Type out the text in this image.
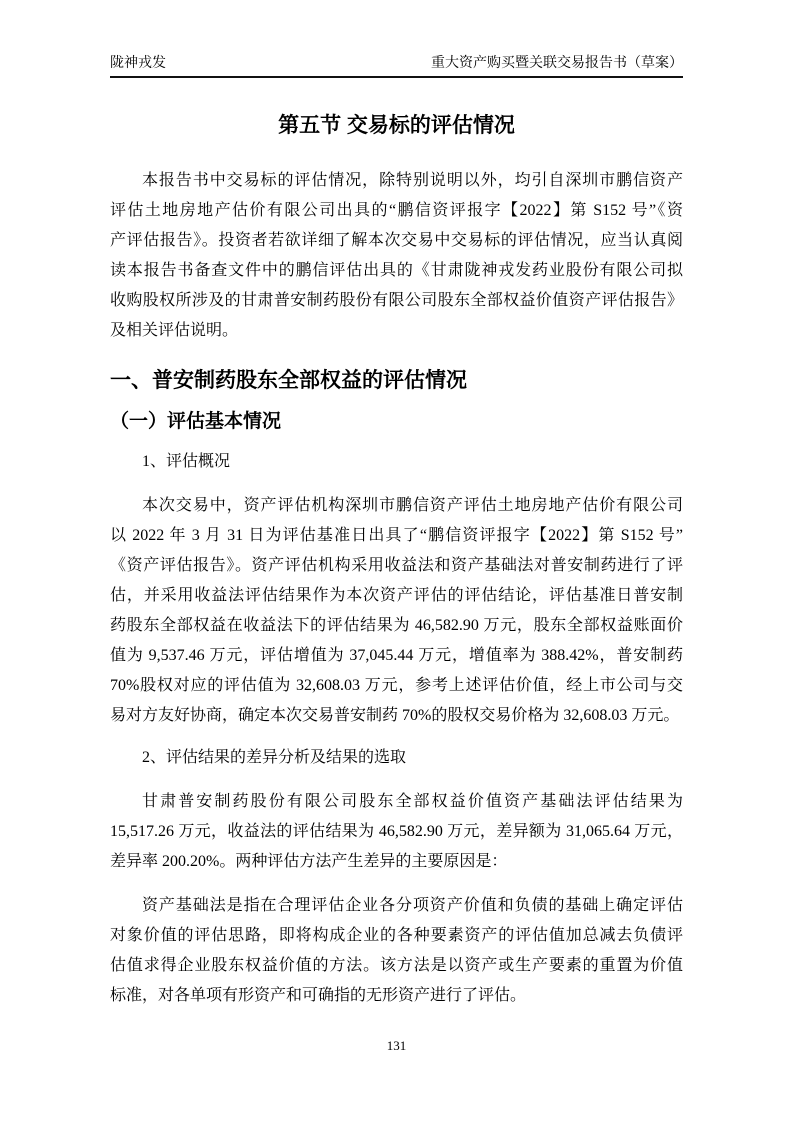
陇神戎发	重大资产购买暨关联交易报告书（草案）
第五节 交易标的评估情况
本报告书中交易标的评估情况，除特别说明以外，均引自深圳市鹏信资产
评估土地房地产估价有限公司出具的“鹏信资评报字【2022】第 S152 号”《资
产评估报告》。投资者若欲详细了解本次交易中交易标的评估情况，应当认真阅
读本报告书备查文件中的鹏信评估出具的《甘肃陇神戎发药业股份有限公司拟
收购股权所涉及的甘肃普安制药股份有限公司股东全部权益价值资产评估报告》
及相关评估说明。
一、普安制药股东全部权益的评估情况
（一）评估基本情况
1、评估概况
本次交易中，资产评估机构深圳市鹏信资产评估土地房地产估价有限公司
以 2022 年 3 月 31 日为评估基准日出具了“鹏信资评报字【2022】第 S152 号”
《资产评估报告》。资产评估机构采用收益法和资产基础法对普安制药进行了评
估，并采用收益法评估结果作为本次资产评估的评估结论，评估基准日普安制
药股东全部权益在收益法下的评估结果为 46,582.90 万元，股东全部权益账面价
值为 9,537.46 万元，评估增值为 37,045.44 万元，增值率为 388.42%，普安制药
70%股权对应的评估值为 32,608.03 万元，参考上述评估价值，经上市公司与交
易对方友好协商，确定本次交易普安制药 70%的股权交易价格为 32,608.03 万元。
2、评估结果的差异分析及结果的选取
甘肃普安制药股份有限公司股东全部权益价值资产基础法评估结果为
15,517.26 万元，收益法的评估结果为 46,582.90 万元，差异额为 31,065.64 万元，
差异率 200.20%。两种评估方法产生差异的主要原因是：
资产基础法是指在合理评估企业各分项资产价值和负债的基础上确定评估
对象价值的评估思路，即将构成企业的各种要素资产的评估值加总减去负债评
估值求得企业股东权益价值的方法。该方法是以资产或生产要素的重置为价值
标准，对各单项有形资产和可确指的无形资产进行了评估。
131
